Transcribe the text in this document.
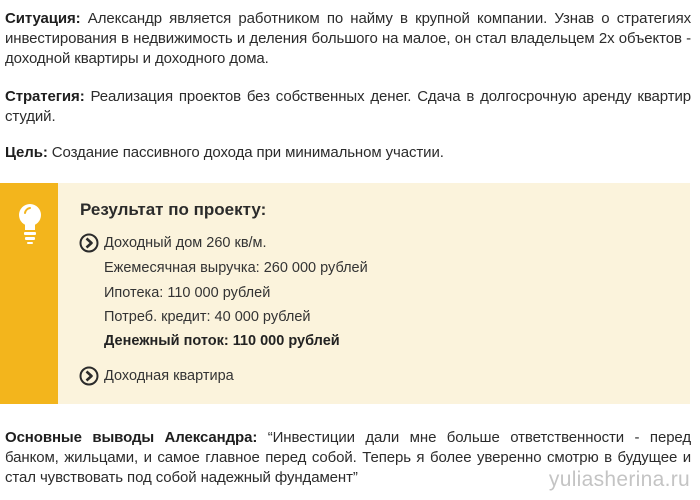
Ситуация: Александр является работником по найму в крупной компании. Узнав о стратегиях инвестирования в недвижимость и деления большого на малое, он стал владельцем 2х объектов - доходной квартиры и доходного дома.
Стратегия: Реализация проектов без собственных денег. Сдача в долгосрочную аренду квартир студий.
Цель: Создание пассивного дохода при минимальном участии.
Результат по проекту:
Доходный дом 260 кв/м.
Ежемесячная выручка: 260 000 рублей
Ипотека: 110 000 рублей
Потреб. кредит: 40 000 рублей
Денежный поток: 110 000 рублей
Доходная квартира
Основные выводы Александра: “Инвестиции дали мне больше ответственности - перед банком, жильцами, и самое главное перед собой. Теперь я более уверенно смотрю в будущее и стал чувствовать под собой надежный фундамент”	yuliasherina.ru
